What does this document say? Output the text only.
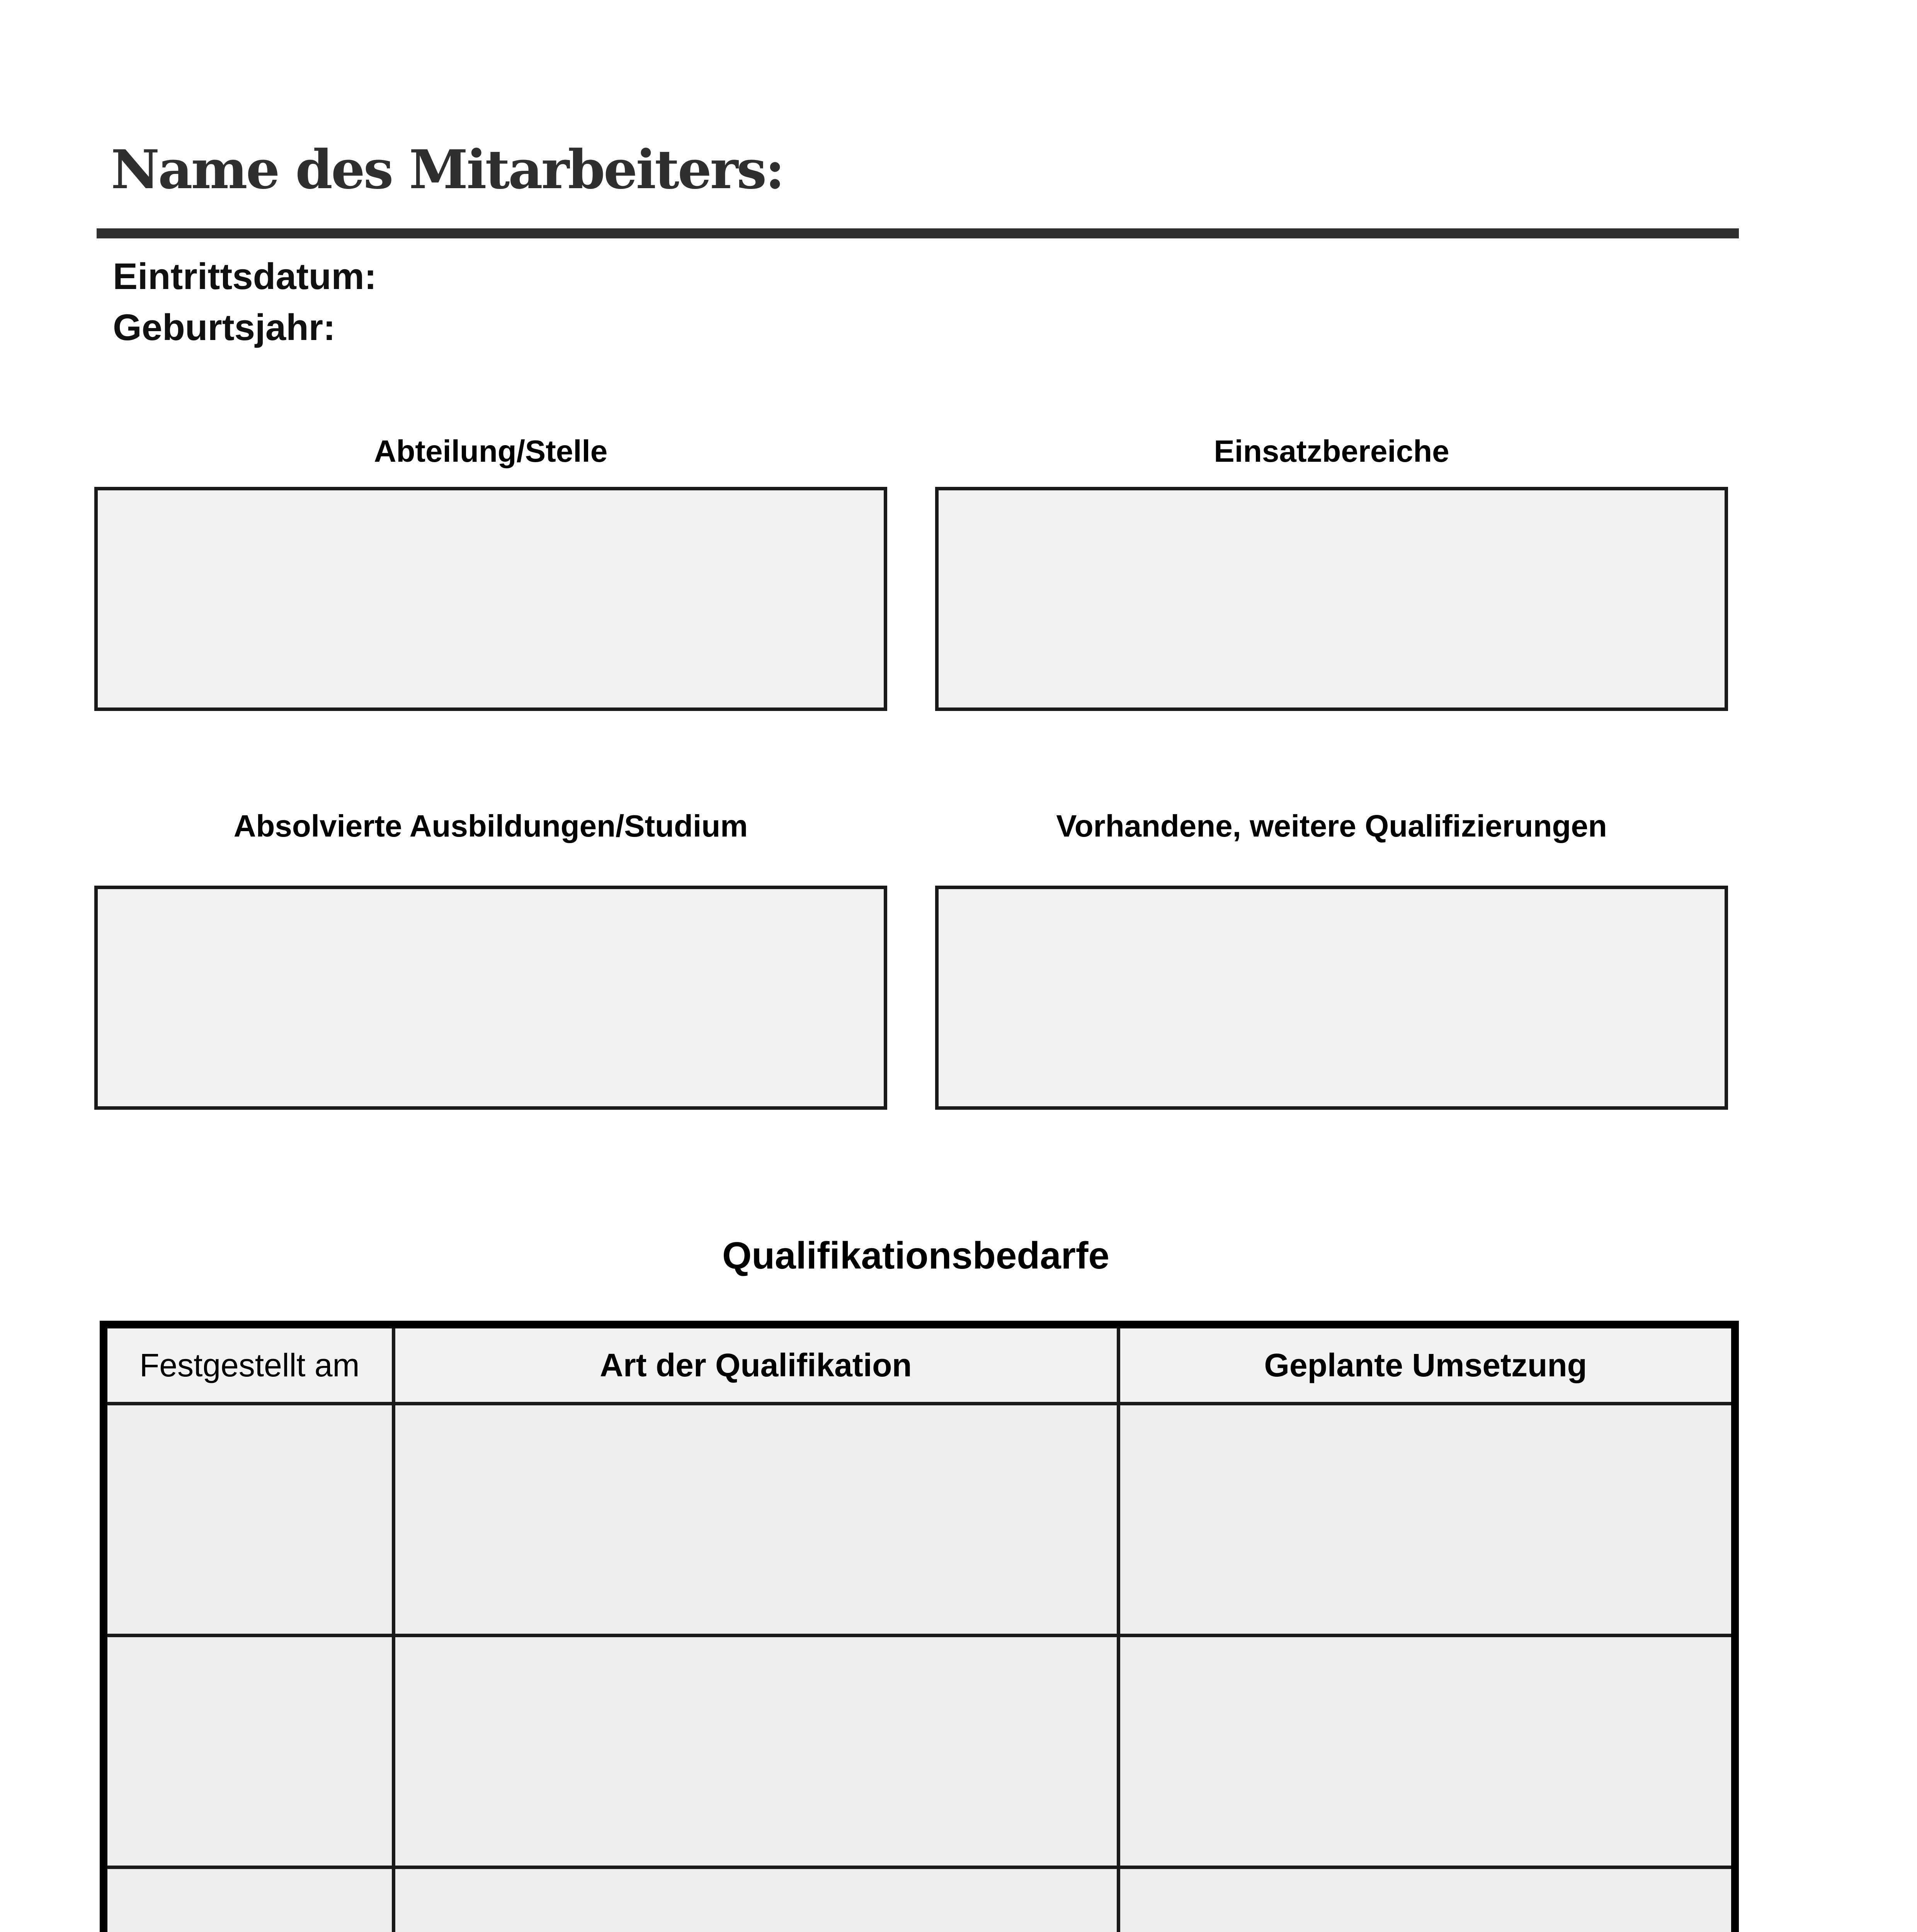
Name des Mitarbeiters:
Eintrittsdatum:
Geburtsjahr:
Abteilung/Stelle	Einsatzbereiche
Absolvierte Ausbildungen/Studium	Vorhandene, weitere Qualifizierungen
Qualifikationsbedarfe
Festgestellt am	Art der Qualifikation	Geplante Umsetzung
